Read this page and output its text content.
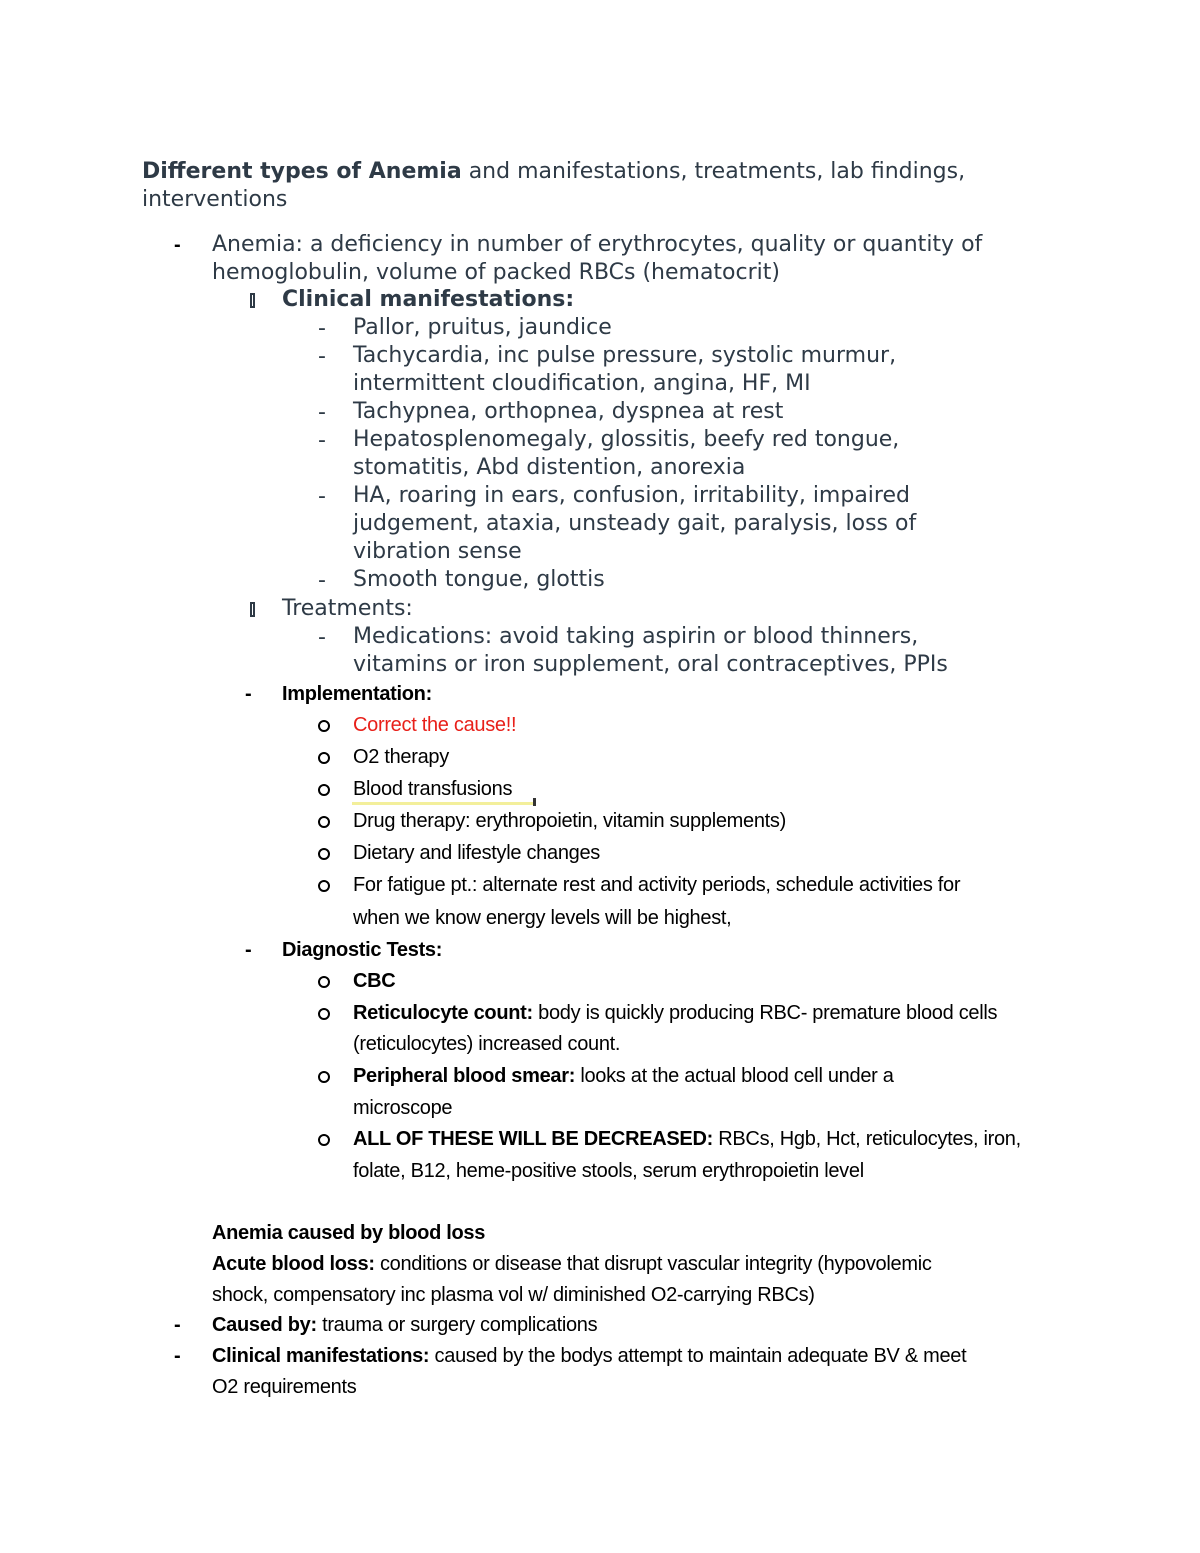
Different types of Anemia and manifestations, treatments, lab findings,

interventions

- Anemia: a deficiency in number of erythrocytes, quality or quantity of

hemoglobulin, volume of packed RBCs (hematocrit)

Clinical manifestations:

- Pallor, pruitus, jaundice

- Tachycardia, inc pulse pressure, systolic murmur,

intermittent cloudification, angina, HF, MI

- Tachypnea, orthopnea, dyspnea at rest

- Hepatosplenomegaly, glossitis, beefy red tongue,

stomatitis, Abd distention, anorexia

- HA, roaring in ears, confusion, irritability, impaired

judgement, ataxia, unsteady gait, paralysis, loss of

vibration sense

- Smooth tongue, glottis

Treatments:

- Medications: avoid taking aspirin or blood thinners,

vitamins or iron supplement, oral contraceptives, PPIs

- Implementation:

Correct the cause!!

O2 therapy

Blood transfusions

Drug therapy: erythropoietin, vitamin supplements)

Dietary and lifestyle changes

For fatigue pt.: alternate rest and activity periods, schedule activities for

when we know energy levels will be highest,

- Diagnostic Tests:

CBC

Reticulocyte count: body is quickly producing RBC- premature blood cells

(reticulocytes) increased count.

Peripheral blood smear: looks at the actual blood cell under a

microscope

ALL OF THESE WILL BE DECREASED: RBCs, Hgb, Hct, reticulocytes, iron,

folate, B12, heme-positive stools, serum erythropoietin level

Anemia caused by blood loss

Acute blood loss: conditions or disease that disrupt vascular integrity (hypovolemic

shock, compensatory inc plasma vol w/ diminished O2-carrying RBCs)

- Caused by: trauma or surgery complications

- Clinical manifestations: caused by the bodys attempt to maintain adequate BV & meet

O2 requirements
